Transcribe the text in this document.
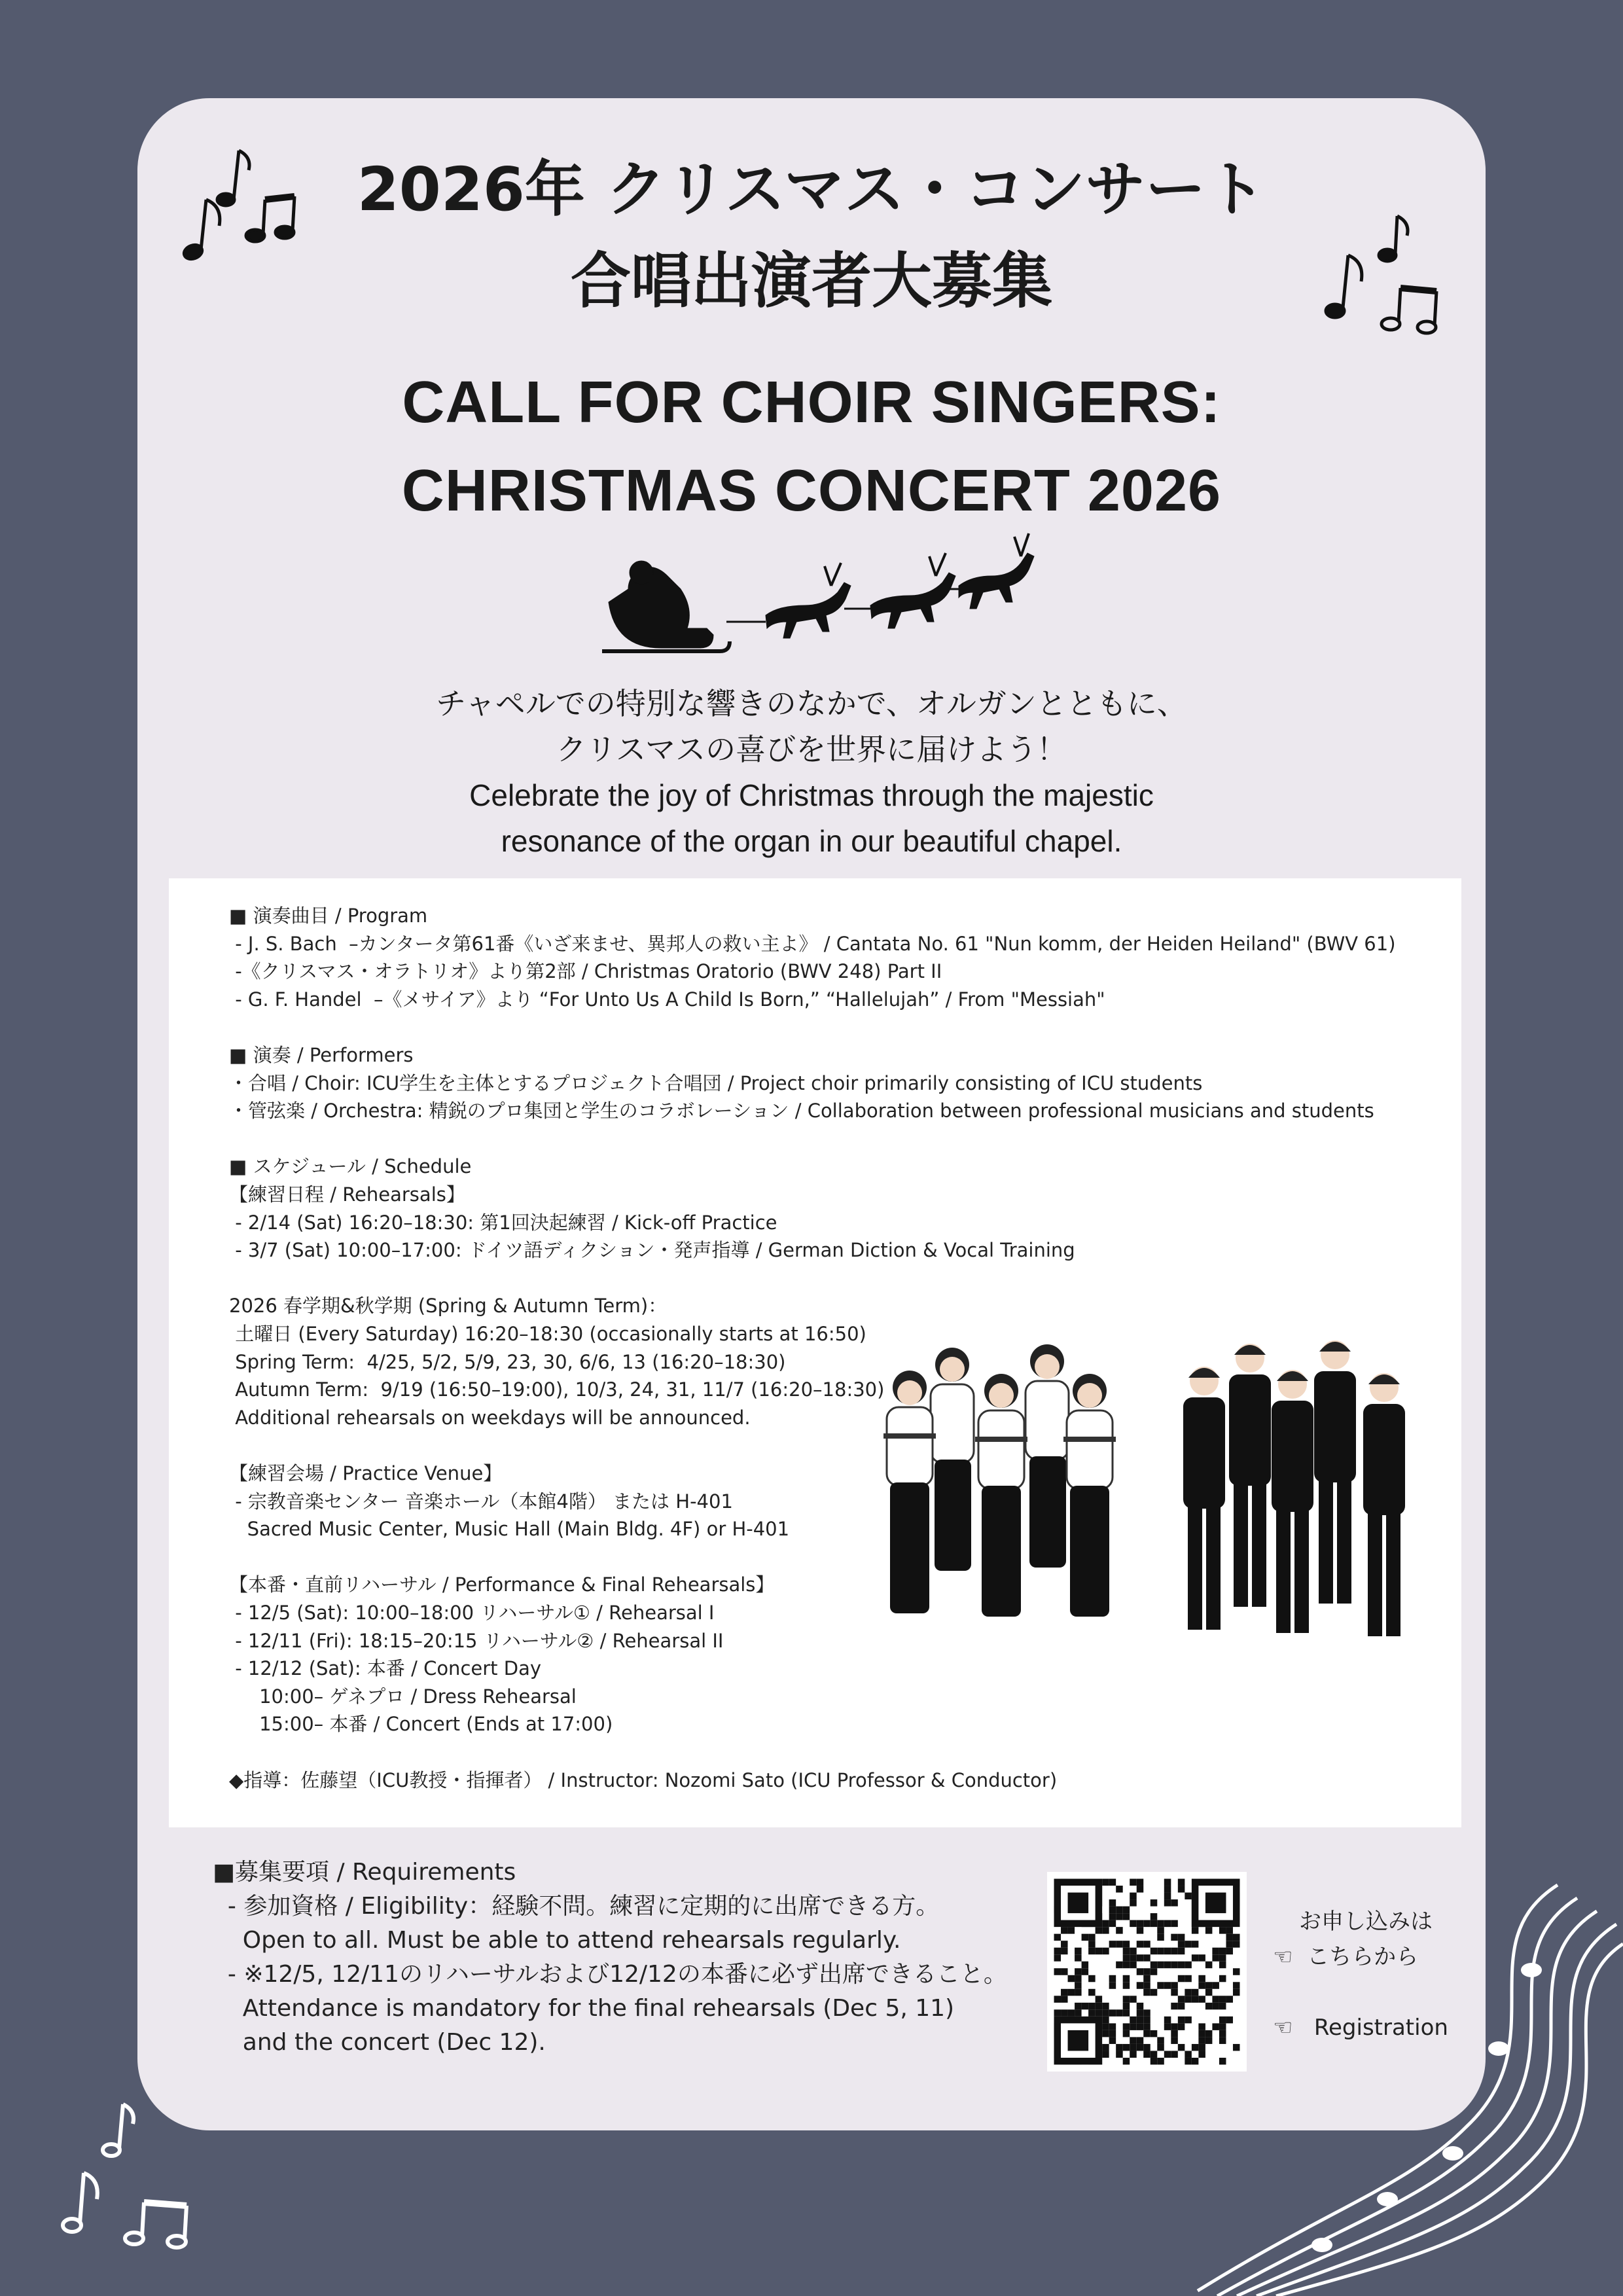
2026年 クリスマス・コンサート
合唱出演者大募集
CALL FOR CHOIR SINGERS:
CHRISTMAS CONCERT 2026
チャペルでの特別な響きのなかで、オルガンとともに、
クリスマスの喜びを世界に届けよう！
Celebrate the joy of Christmas through the majestic
resonance of the organ in our beautiful chapel.
■ 演奏曲目 / Program
- J. S. Bach  –カンタータ第61番《いざ来ませ、異邦人の救い主よ》 / Cantata No. 61 "Nun komm, der Heiden Heiland" (BWV 61)
-《クリスマス・オラトリオ》より第2部 / Christmas Oratorio (BWV 248) Part II
- G. F. Handel  –《メサイア》より “For Unto Us A Child Is Born,” “Hallelujah” / From "Messiah"
■ 演奏 / Performers
・合唱 / Choir: ICU学生を主体とするプロジェクト合唱団 / Project choir primarily consisting of ICU students
・管弦楽 / Orchestra: 精鋭のプロ集団と学生のコラボレーション / Collaboration between professional musicians and students
■ スケジュール / Schedule
【練習日程 / Rehearsals】
- 2/14 (Sat) 16:20–18:30: 第1回決起練習 / Kick-off Practice
- 3/7 (Sat) 10:00–17:00: ドイツ語ディクション・発声指導 / German Diction & Vocal Training
2026 春学期&秋学期 (Spring & Autumn Term)：
土曜日 (Every Saturday) 16:20–18:30 (occasionally starts at 16:50)
Spring Term:  4/25, 5/2, 5/9, 23, 30, 6/6, 13 (16:20–18:30)
Autumn Term:  9/19 (16:50–19:00), 10/3, 24, 31, 11/7 (16:20–18:30)
Additional rehearsals on weekdays will be announced.
【練習会場 / Practice Venue】
- 宗教音楽センター 音楽ホール（本館4階） または H-401
Sacred Music Center, Music Hall (Main Bldg. 4F) or H-401
【本番・直前リハーサル / Performance & Final Rehearsals】
- 12/5 (Sat): 10:00–18:00 リハーサル① / Rehearsal I
- 12/11 (Fri): 18:15–20:15 リハーサル② / Rehearsal II
- 12/12 (Sat): 本番 / Concert Day
10:00– ゲネプロ / Dress Rehearsal
15:00– 本番 / Concert (Ends at 17:00)
◆指導：佐藤望（ICU教授・指揮者） / Instructor: Nozomi Sato (ICU Professor & Conductor)
■募集要項 / Requirements
- 参加資格 / Eligibility：経験不問。練習に定期的に出席できる方。
Open to all. Must be able to attend rehearsals regularly.
- ※12/5, 12/11のリハーサルおよび12/12の本番に必ず出席できること。
Attendance is mandatory for the final rehearsals (Dec 5, 11)
and the concert (Dec 12).
お申し込みは
☜  こちらから
☜   Registration
